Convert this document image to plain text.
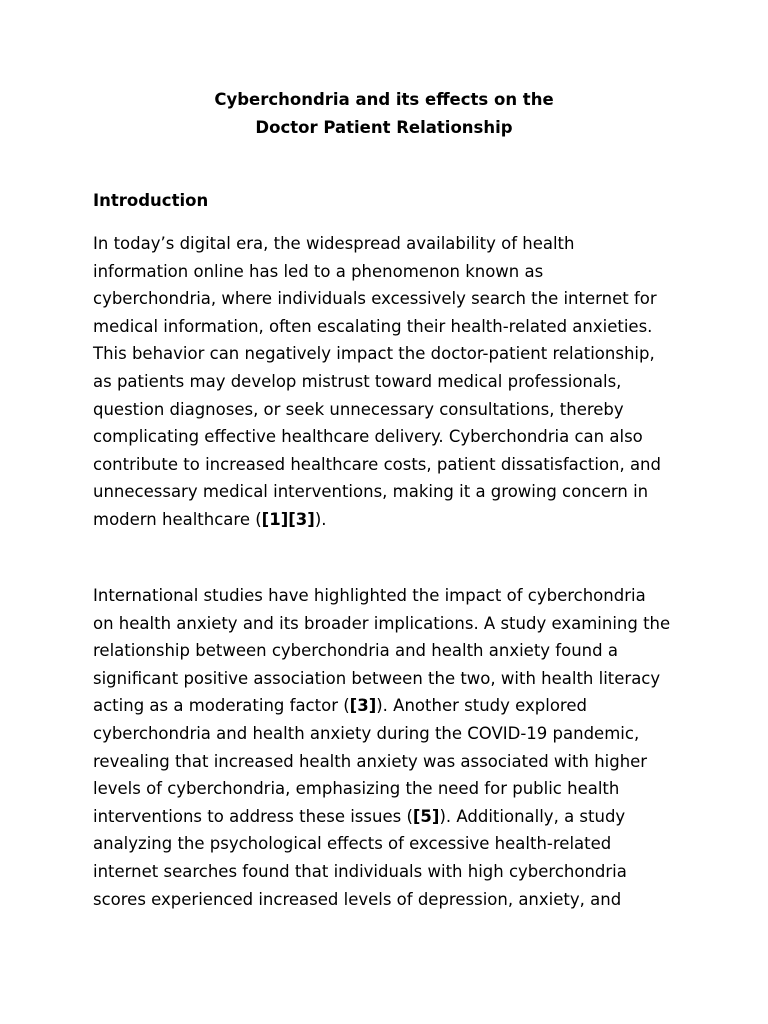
Cyberchondria and its effects on the
Doctor Patient Relationship
Introduction
In today’s digital era, the widespread availability of health
information online has led to a phenomenon known as
cyberchondria, where individuals excessively search the internet for
medical information, often escalating their health-related anxieties.
This behavior can negatively impact the doctor-patient relationship,
as patients may develop mistrust toward medical professionals,
question diagnoses, or seek unnecessary consultations, thereby
complicating effective healthcare delivery. Cyberchondria can also
contribute to increased healthcare costs, patient dissatisfaction, and
unnecessary medical interventions, making it a growing concern in
modern healthcare ([1][3]).
International studies have highlighted the impact of cyberchondria
on health anxiety and its broader implications. A study examining the
relationship between cyberchondria and health anxiety found a
significant positive association between the two, with health literacy
acting as a moderating factor ([3]). Another study explored
cyberchondria and health anxiety during the COVID-19 pandemic,
revealing that increased health anxiety was associated with higher
levels of cyberchondria, emphasizing the need for public health
interventions to address these issues ([5]). Additionally, a study
analyzing the psychological effects of excessive health-related
internet searches found that individuals with high cyberchondria
scores experienced increased levels of depression, anxiety, and
